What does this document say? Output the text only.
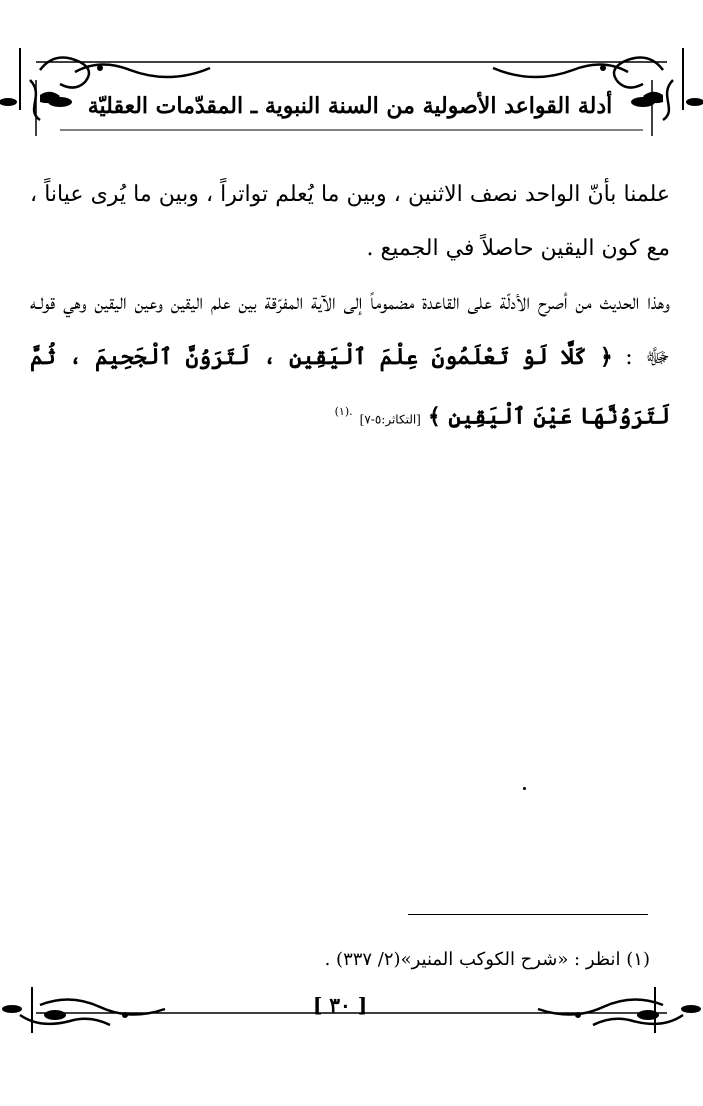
أدلة القواعد الأصولية من السنة النبوية ـ المقدّمات العقليّة

علمنا بأنّ الواحد نصف الاثنين ، وبين ما يُعلم تواتراً ، وبين ما يُرى عياناً ، مع كون اليقين حاصلاً في الجميع .

وهذا الحديث من أصرح الأدلّة على القاعدة مضموماً إلى الآية المفرّقة بين علم اليقين وعين اليقين وهي قولـه ﷻ : ﴿ كَلَّا لَوْ تَعْلَمُونَ عِلْمَ ٱلْيَقِينِ ، لَتَرَوُنَّ ٱلْجَحِيمَ ، ثُمَّ لَتَرَوُنَّهَا عَيْنَ ٱلْيَقِينِ ﴾ [التكاثر:٥-٧] $^{.(١)}$

(١) انظر : «شرح الكوكب المنير»(٢/ ٣٣٧) .
[ ٣٠ ]
